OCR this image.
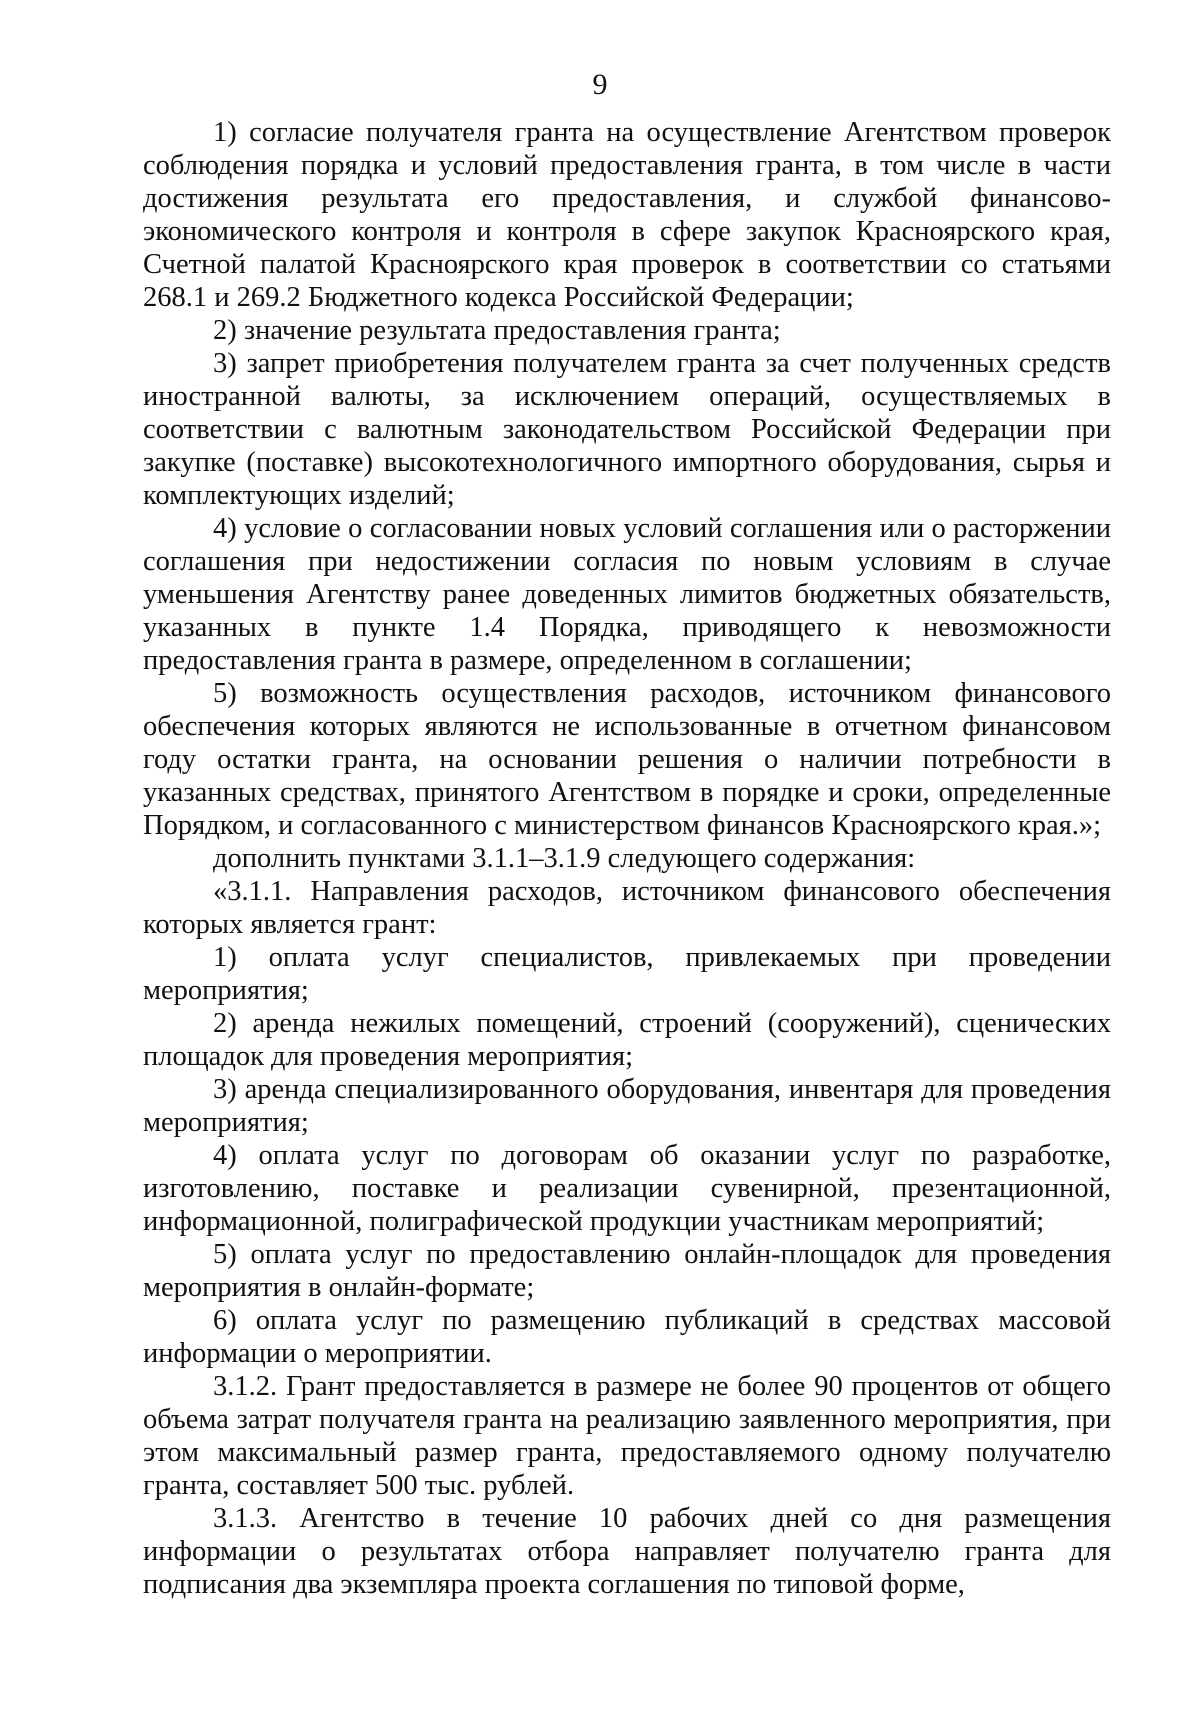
9

1) согласие получателя гранта на осуществление Агентством проверок соблюдения порядка и условий предоставления гранта, в том числе в части достижения результата его предоставления, и службой финансово-экономического контроля и контроля в сфере закупок Красноярского края, Счетной палатой Красноярского края проверок в соответствии со статьями 268.1 и 269.2 Бюджетного кодекса Российской Федерации;

2) значение результата предоставления гранта;

3) запрет приобретения получателем гранта за счет полученных средств иностранной валюты, за исключением операций, осуществляемых в соответствии с валютным законодательством Российской Федерации при закупке (поставке) высокотехнологичного импортного оборудования, сырья и комплектующих изделий;

4) условие о согласовании новых условий соглашения или о расторжении соглашения при недостижении согласия по новым условиям в случае уменьшения Агентству ранее доведенных лимитов бюджетных обязательств, указанных в пункте 1.4 Порядка, приводящего к невозможности предоставления гранта в размере, определенном в соглашении;

5) возможность осуществления расходов, источником финансового обеспечения которых являются не использованные в отчетном финансовом году остатки гранта, на основании решения о наличии потребности в указанных средствах, принятого Агентством в порядке и сроки, определенные Порядком, и согласованного с министерством финансов Красноярского края.»;

дополнить пунктами 3.1.1–3.1.9 следующего содержания:

«3.1.1. Направления расходов, источником финансового обеспечения которых является грант:

1) оплата услуг специалистов, привлекаемых при проведении мероприятия;

2) аренда нежилых помещений, строений (сооружений), сценических площадок для проведения мероприятия;

3) аренда специализированного оборудования, инвентаря для проведения мероприятия;

4) оплата услуг по договорам об оказании услуг по разработке, изготовлению, поставке и реализации сувенирной, презентационной, информационной, полиграфической продукции участникам мероприятий;

5) оплата услуг по предоставлению онлайн-площадок для проведения мероприятия в онлайн-формате;

6) оплата услуг по размещению публикаций в средствах массовой информации о мероприятии.

3.1.2. Грант предоставляется в размере не более 90 процентов от общего объема затрат получателя гранта на реализацию заявленного мероприятия, при этом максимальный размер гранта, предоставляемого одному получателю гранта, составляет 500 тыс. рублей.

3.1.3. Агентство в течение 10 рабочих дней со дня размещения информации о результатах отбора направляет получателю гранта для подписания два экземпляра проекта соглашения по типовой форме,
